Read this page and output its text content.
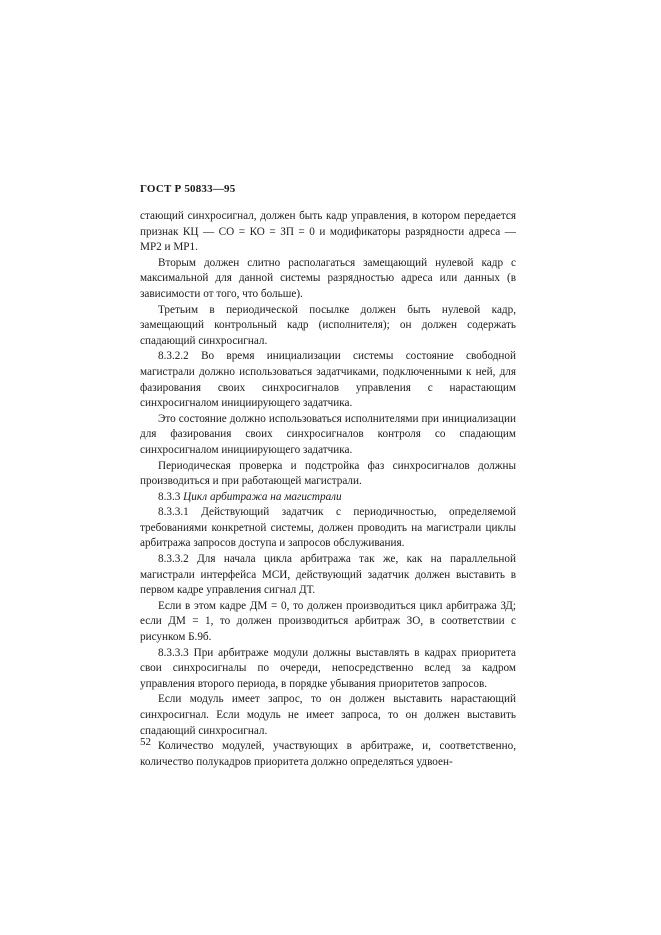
ГОСТ Р 50833—95

стающий синхросигнал, должен быть кадр управления, в котором передается признак КЦ — СО = КО = ЗП = 0 и модификаторы разрядности адреса — МР2 и МР1.

Вторым должен слитно располагаться замещающий нулевой кадр с максимальной для данной системы разрядностью адреса или данных (в зависимости от того, что больше).

Третьим в периодической посылке должен быть нулевой кадр, замещающий контрольный кадр (исполнителя); он должен содержать спадающий синхросигнал.

8.3.2.2 Во время инициализации системы состояние свободной магистрали должно использоваться задатчиками, подключенными к ней, для фазирования своих синхросигналов управления с нарастающим синхросигналом инициирующего задатчика.

Это состояние должно использоваться исполнителями при инициализации для фазирования своих синхросигналов контроля со спадающим синхросигналом инициирующего задатчика.

Периодическая проверка и подстройка фаз синхросигналов должны производиться и при работающей магистрали.

8.3.3 Цикл арбитража на магистрали

8.3.3.1 Действующий задатчик с периодичностью, определяемой требованиями конкретной системы, должен проводить на магистрали циклы арбитража запросов доступа и запросов обслуживания.

8.3.3.2 Для начала цикла арбитража так же, как на параллельной магистрали интерфейса МСИ, действующий задатчик должен выставить в первом кадре управления сигнал ДТ.

Если в этом кадре ДМ = 0, то должен производиться цикл арбитража ЗД; если ДМ = 1, то должен производиться арбитраж ЗО, в соответствии с рисунком Б.9б.

8.3.3.3 При арбитраже модули должны выставлять в кадрах приоритета свои синхросигналы по очереди, непосредственно вслед за кадром управления второго периода, в порядке убывания приоритетов запросов.

Если модуль имеет запрос, то он должен выставить нарастающий синхросигнал. Если модуль не имеет запроса, то он должен выставить спадающий синхросигнал.

Количество модулей, участвующих в арбитраже, и, соответственно, количество полукадров приоритета должно определяться удвоен-

52
